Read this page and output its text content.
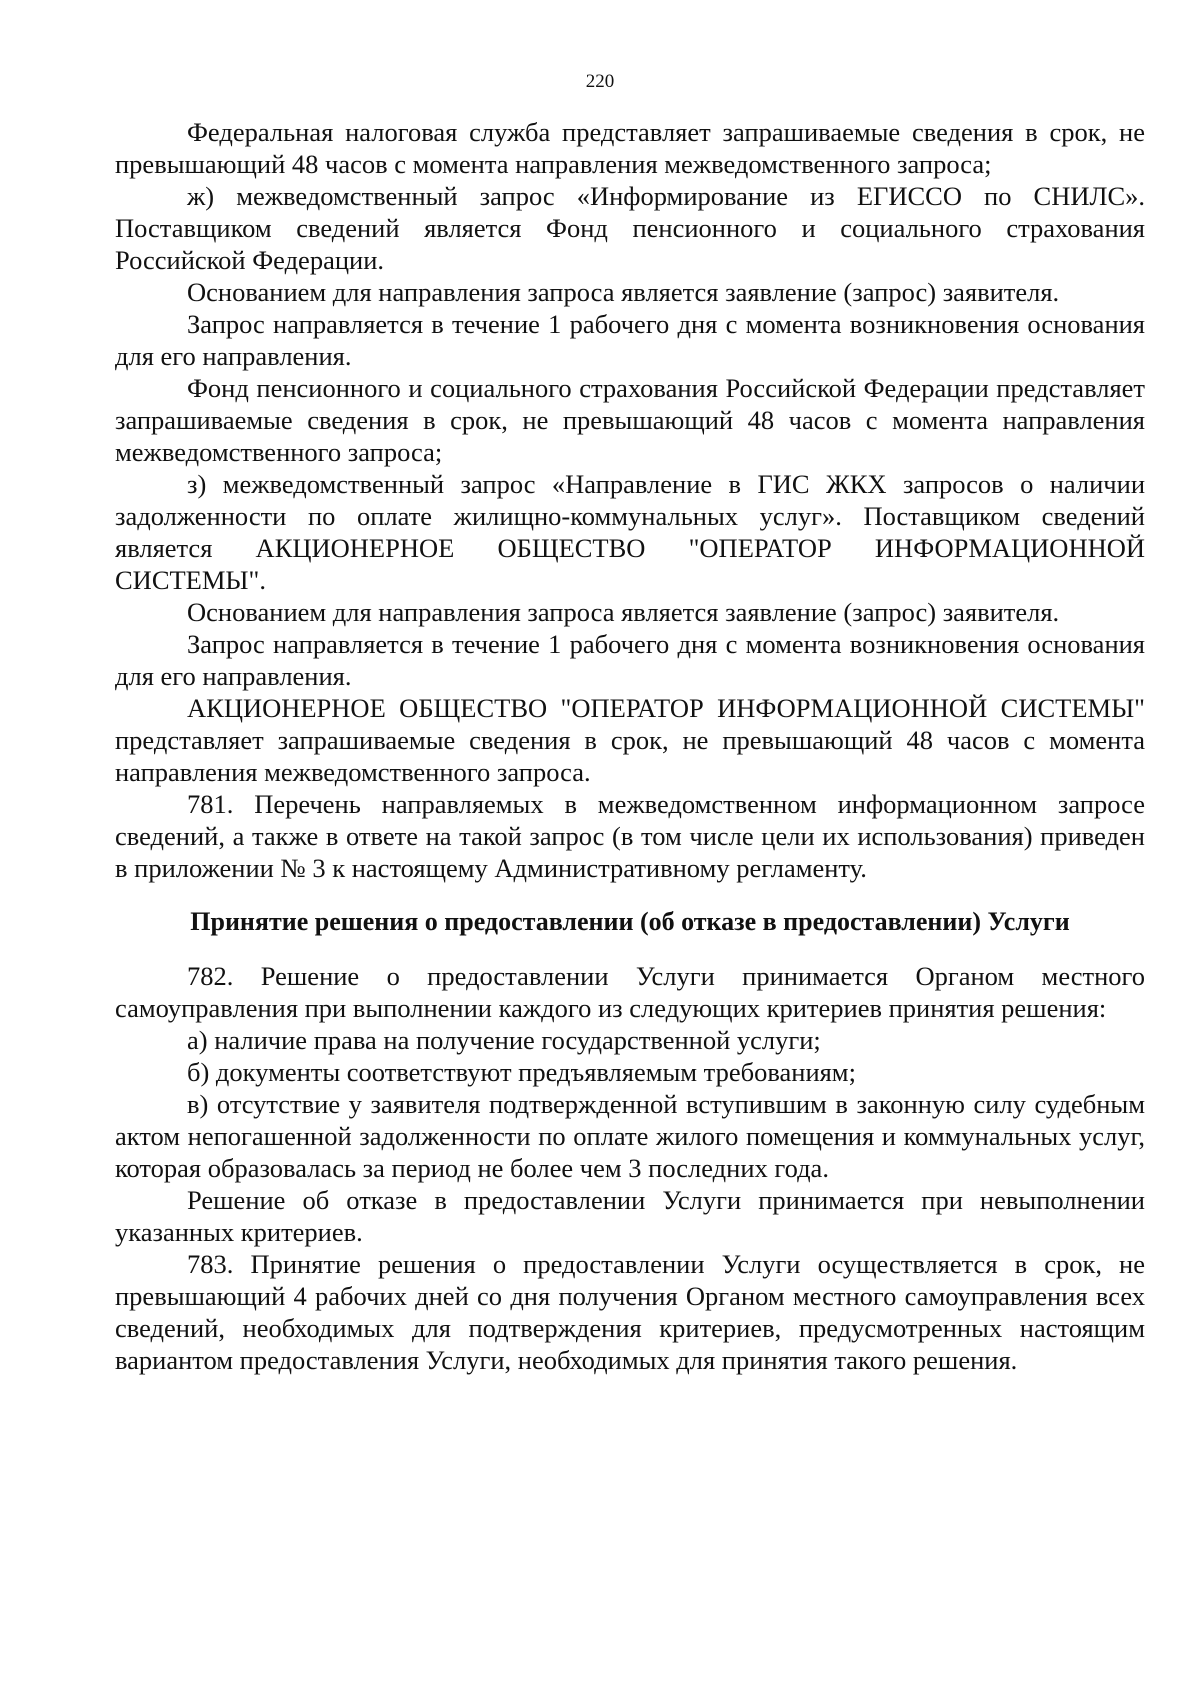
220

Федеральная налоговая служба представляет запрашиваемые сведения в срок, не превышающий 48 часов с момента направления межведомственного запроса;

ж) межведомственный запрос «Информирование из ЕГИССО по СНИЛС». Поставщиком сведений является Фонд пенсионного и социального страхования Российской Федерации.

Основанием для направления запроса является заявление (запрос) заявителя.

Запрос направляется в течение 1 рабочего дня с момента возникновения основания для его направления.

Фонд пенсионного и социального страхования Российской Федерации представляет запрашиваемые сведения в срок, не превышающий 48 часов с момента направления межведомственного запроса;

з) межведомственный запрос «Направление в ГИС ЖКХ запросов о наличии задолженности по оплате жилищно-коммунальных услуг». Поставщиком сведений является АКЦИОНЕРНОЕ ОБЩЕСТВО "ОПЕРАТОР ИНФОРМАЦИОННОЙ СИСТЕМЫ".

Основанием для направления запроса является заявление (запрос) заявителя.

Запрос направляется в течение 1 рабочего дня с момента возникновения основания для его направления.

АКЦИОНЕРНОЕ ОБЩЕСТВО "ОПЕРАТОР ИНФОРМАЦИОННОЙ СИСТЕМЫ" представляет запрашиваемые сведения в срок, не превышающий 48 часов с момента направления межведомственного запроса.

781. Перечень направляемых в межведомственном информационном запросе сведений, а также в ответе на такой запрос (в том числе цели их использования) приведен в приложении № 3 к настоящему Административному регламенту.

Принятие решения о предоставлении (об отказе в предоставлении) Услуги

782. Решение о предоставлении Услуги принимается Органом местного самоуправления при выполнении каждого из следующих критериев принятия решения:

а) наличие права на получение государственной услуги;

б) документы соответствуют предъявляемым требованиям;

в) отсутствие у заявителя подтвержденной вступившим в законную силу судебным актом непогашенной задолженности по оплате жилого помещения и коммунальных услуг, которая образовалась за период не более чем 3 последних года.

Решение об отказе в предоставлении Услуги принимается при невыполнении указанных критериев.

783. Принятие решения о предоставлении Услуги осуществляется в срок, не превышающий 4 рабочих дней со дня получения Органом местного самоуправления всех сведений, необходимых для подтверждения критериев, предусмотренных настоящим вариантом предоставления Услуги, необходимых для принятия такого решения.
